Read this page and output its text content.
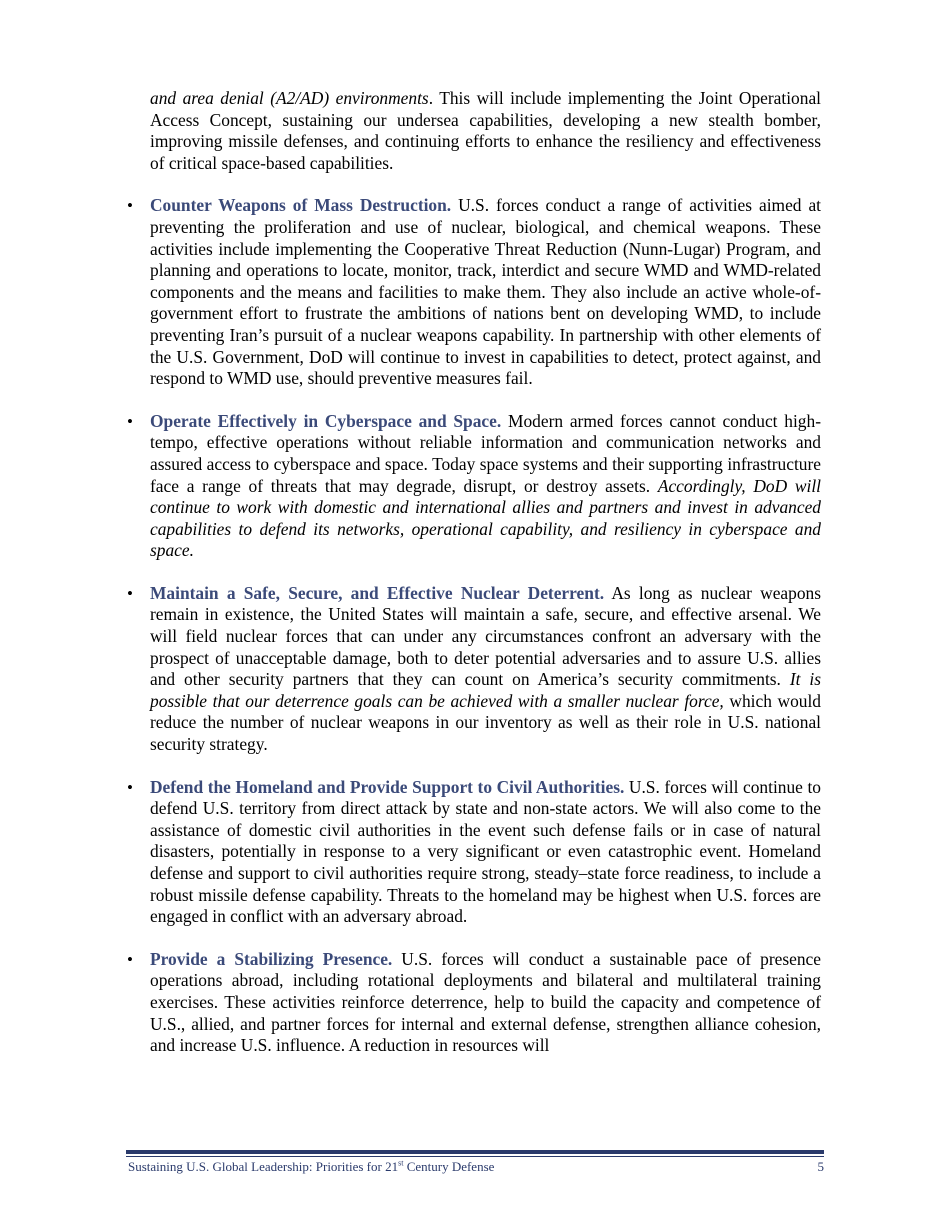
and area denial (A2/AD) environments. This will include implementing the Joint Operational Access Concept, sustaining our undersea capabilities, developing a new stealth bomber, improving missile defenses, and continuing efforts to enhance the resiliency and effectiveness of critical space-based capabilities.

• Counter Weapons of Mass Destruction. U.S. forces conduct a range of activities aimed at preventing the proliferation and use of nuclear, biological, and chemical weapons. These activities include implementing the Cooperative Threat Reduction (Nunn-Lugar) Program, and planning and operations to locate, monitor, track, interdict and secure WMD and WMD-related components and the means and facilities to make them. They also include an active whole-of-government effort to frustrate the ambitions of nations bent on developing WMD, to include preventing Iran’s pursuit of a nuclear weapons capability. In partnership with other elements of the U.S. Government, DoD will continue to invest in capabilities to detect, protect against, and respond to WMD use, should preventive measures fail.
• Operate Effectively in Cyberspace and Space. Modern armed forces cannot conduct high-tempo, effective operations without reliable information and communication networks and assured access to cyberspace and space. Today space systems and their supporting infrastructure face a range of threats that may degrade, disrupt, or destroy assets. Accordingly, DoD will continue to work with domestic and international allies and partners and invest in advanced capabilities to defend its networks, operational capability, and resiliency in cyberspace and space.
• Maintain a Safe, Secure, and Effective Nuclear Deterrent. As long as nuclear weapons remain in existence, the United States will maintain a safe, secure, and effective arsenal. We will field nuclear forces that can under any circumstances confront an adversary with the prospect of unacceptable damage, both to deter potential adversaries and to assure U.S. allies and other security partners that they can count on America’s security commitments. It is possible that our deterrence goals can be achieved with a smaller nuclear force, which would reduce the number of nuclear weapons in our inventory as well as their role in U.S. national security strategy.
• Defend the Homeland and Provide Support to Civil Authorities. U.S. forces will continue to defend U.S. territory from direct attack by state and non-state actors. We will also come to the assistance of domestic civil authorities in the event such defense fails or in case of natural disasters, potentially in response to a very significant or even catastrophic event. Homeland defense and support to civil authorities require strong, steady–state force readiness, to include a robust missile defense capability. Threats to the homeland may be highest when U.S. forces are engaged in conflict with an adversary abroad.
• Provide a Stabilizing Presence. U.S. forces will conduct a sustainable pace of presence operations abroad, including rotational deployments and bilateral and multilateral training exercises. These activities reinforce deterrence, help to build the capacity and competence of U.S., allied, and partner forces for internal and external defense, strengthen alliance cohesion, and increase U.S. influence. A reduction in resources will
Sustaining U.S. Global Leadership: Priorities for 21st Century Defense	5
